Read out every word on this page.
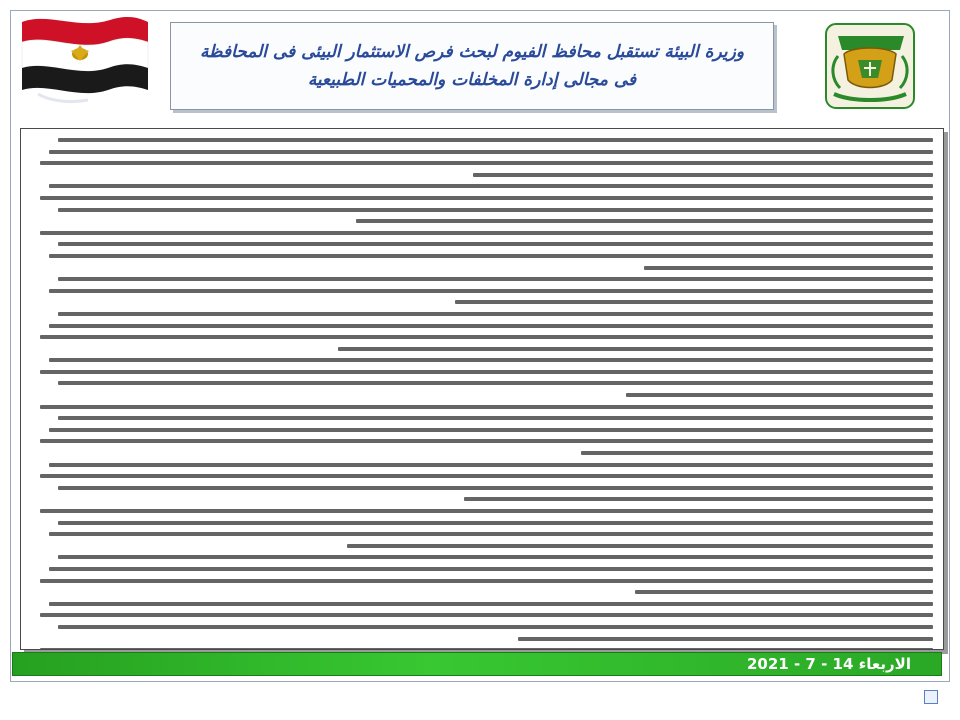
وزيرة البيئة تستقبل محافظ الفيوم لبحث فرص الاستثمار البيئى فى المحافظة فى مجالى إدارة المخلفات والمحميات الطبيعية
الاربعاء 14 - 7 - 2021
